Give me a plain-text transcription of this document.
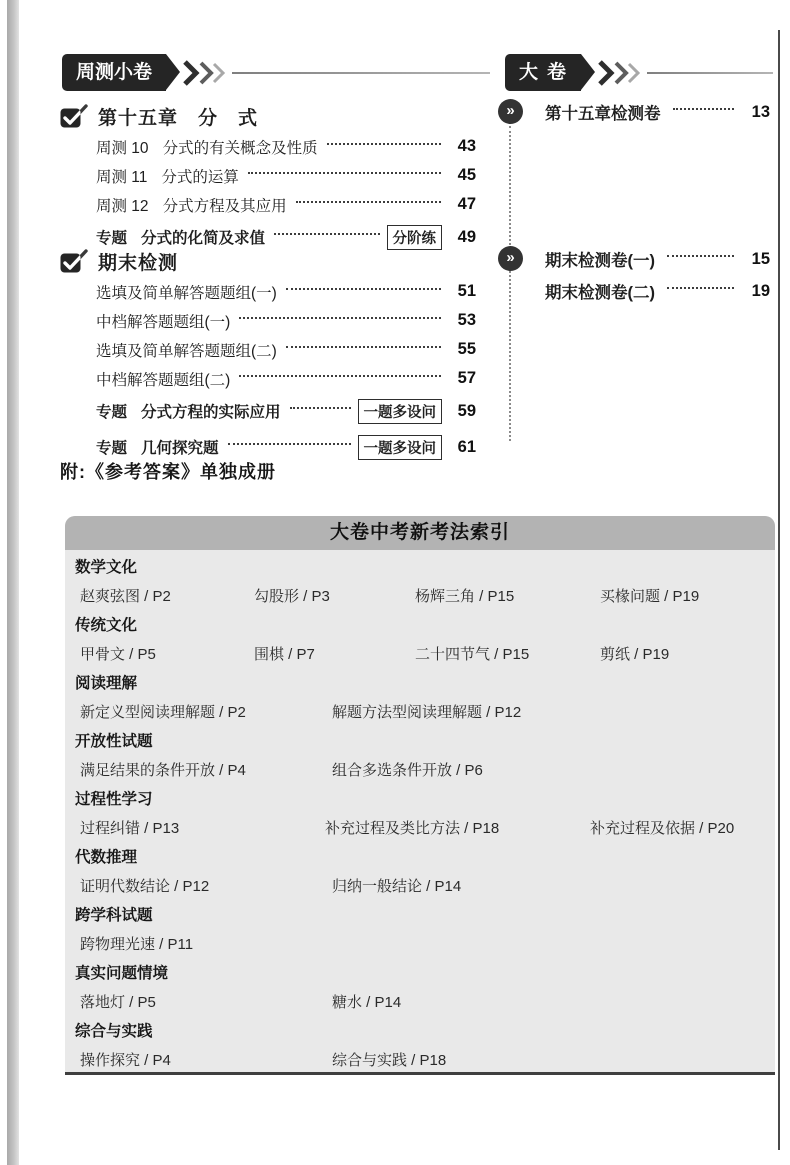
周测小卷	大卷
第十五章　分　式
周测 10 分式的有关概念及性质	43
周测 11 分式的运算	45
周测 12 分式方程及其应用	47
专题 分式的化简及求值	分阶练	49
期末检测
选填及简单解答题题组(一)	51
中档解答题题组(一)	53
选填及简单解答题题组(二)	55
中档解答题题组(二)	57
专题 分式方程的实际应用	一题多设问	59
专题 几何探究题	一题多设问	61
附:《参考答案》单独成册
»	第十五章检测卷	13
»	期末检测卷(一)	15
期末检测卷(二)	19
大卷中考新考法索引
数学文化
赵爽弦图 / P2	勾股形 / P3	杨辉三角 / P15	买椽问题 / P19
传统文化
甲骨文 / P5	围棋 / P7	二十四节气 / P15	剪纸 / P19
阅读理解
新定义型阅读理解题 / P2	解题方法型阅读理解题 / P12
开放性试题
满足结果的条件开放 / P4	组合多选条件开放 / P6
过程性学习
过程纠错 / P13	补充过程及类比方法 / P18	补充过程及依据 / P20
代数推理
证明代数结论 / P12	归纳一般结论 / P14
跨学科试题
跨物理光速 / P11
真实问题情境
落地灯 / P5	糖水 / P14
综合与实践
操作探究 / P4	综合与实践 / P18
